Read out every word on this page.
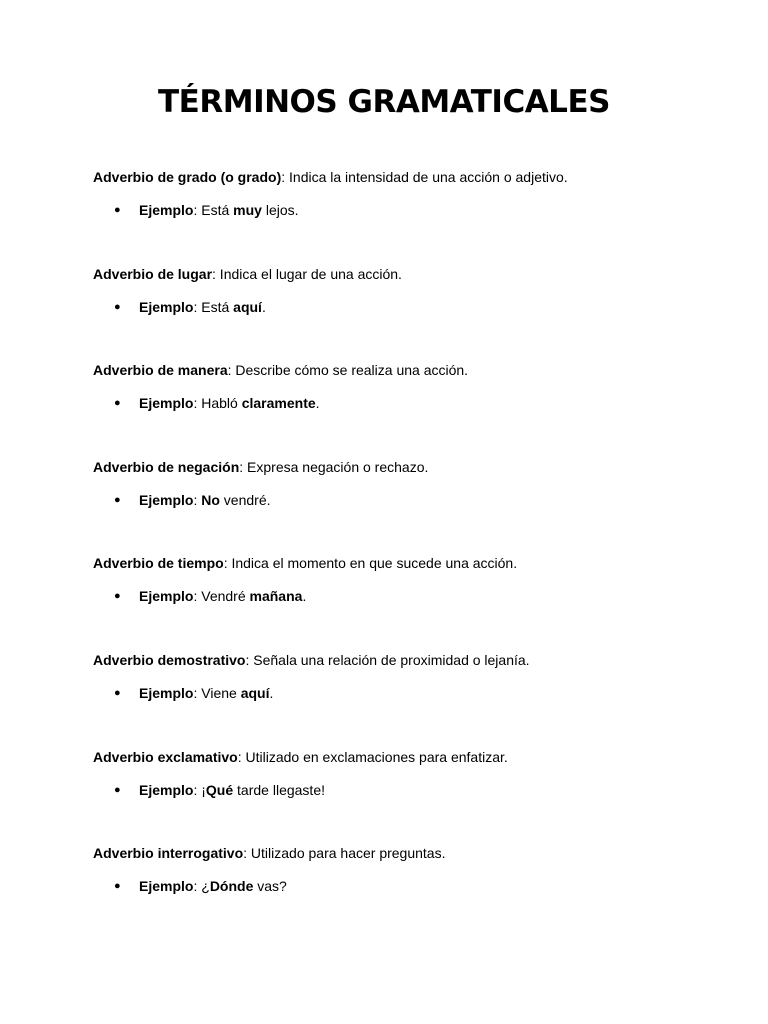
TÉRMINOS GRAMATICALES

Adverbio de grado (o grado): Indica la intensidad de una acción o adjetivo.

● Ejemplo: Está muy lejos.

Adverbio de lugar: Indica el lugar de una acción.

● Ejemplo: Está aquí.

Adverbio de manera: Describe cómo se realiza una acción.

● Ejemplo: Habló claramente.

Adverbio de negación: Expresa negación o rechazo.

● Ejemplo: No vendré.

Adverbio de tiempo: Indica el momento en que sucede una acción.

● Ejemplo: Vendré mañana.

Adverbio demostrativo: Señala una relación de proximidad o lejanía.

● Ejemplo: Viene aquí.

Adverbio exclamativo: Utilizado en exclamaciones para enfatizar.

● Ejemplo: ¡Qué tarde llegaste!

Adverbio interrogativo: Utilizado para hacer preguntas.

● Ejemplo: ¿Dónde vas?
